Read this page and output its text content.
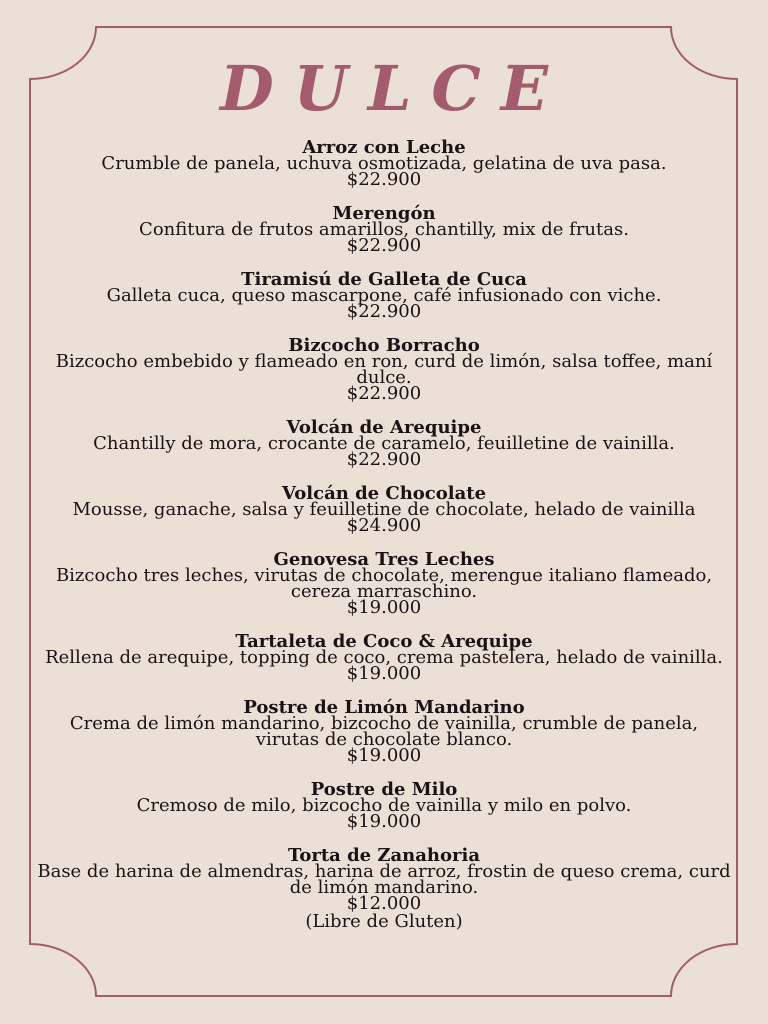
DULCE
Arroz con Leche
Crumble de panela, uchuva osmotizada, gelatina de uva pasa.
$22.900
Merengón
Confitura de frutos amarillos, chantilly, mix de frutas.
$22.900
Tiramisú de Galleta de Cuca
Galleta cuca, queso mascarpone, café infusionado con viche.
$22.900
Bizcocho Borracho
Bizcocho embebido y flameado en ron, curd de limón, salsa toffee, maní dulce.
$22.900
Volcán de Arequipe
Chantilly de mora, crocante de caramelo, feuilletine de vainilla.
$22.900
Volcán de Chocolate
Mousse, ganache, salsa y feuilletine de chocolate, helado de vainilla
$24.900
Genovesa Tres Leches
Bizcocho tres leches, virutas de chocolate, merengue italiano flameado, cereza marraschino.
$19.000
Tartaleta de Coco & Arequipe
Rellena de arequipe, topping de coco, crema pastelera, helado de vainilla.
$19.000
Postre de Limón Mandarino
Crema de limón mandarino, bizcocho de vainilla, crumble de panela, virutas de chocolate blanco.
$19.000
Postre de Milo
Cremoso de milo, bizcocho de vainilla y milo en polvo.
$19.000
Torta de Zanahoria
Base de harina de almendras, harina de arroz, frostin de queso crema, curd de limón mandarino.
$12.000
(Libre de Gluten)
